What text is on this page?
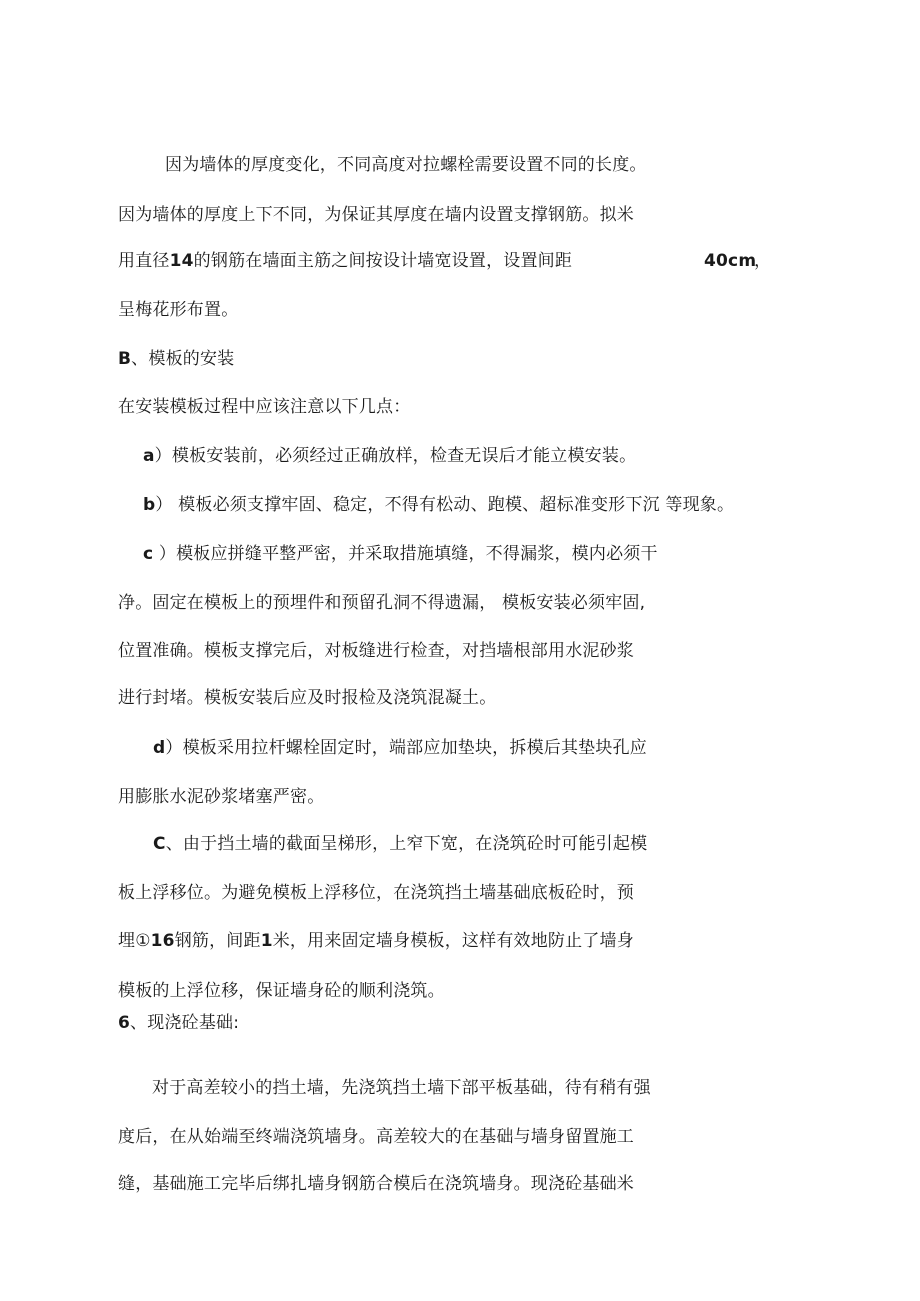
因为墙体的厚度变化，不同高度对拉螺栓需要设置不同的长度。
因为墙体的厚度上下不同，为保证其厚度在墙内设置支撑钢筋。拟米
用直径14的钢筋在墙面主筋之间按设计墙宽设置，设置间距	40cm
，
呈梅花形布置。
B、模板的安装
在安装模板过程中应该注意以下几点：
a）模板安装前，必须经过正确放样，检查无误后才能立模安装。
b） 模板必须支撑牢固、稳定，不得有松动、跑模、超标准变形下沉 等现象。
c ）模板应拼缝平整严密，并采取措施填缝，不得漏浆，模内必须干
净。固定在模板上的预埋件和预留孔洞不得遗漏， 模板安装必须牢固,
位置准确。模板支撑完后，对板缝进行检查，对挡墙根部用水泥砂浆
进行封堵。模板安装后应及时报检及浇筑混凝土。
d）模板采用拉杆螺栓固定时，端部应加垫块，拆模后其垫块孔应
用膨胀水泥砂浆堵塞严密。
C、由于挡土墙的截面呈梯形，上窄下宽，在浇筑砼时可能引起模
板上浮移位。为避免模板上浮移位，在浇筑挡土墙基础底板砼时，预
埋①16钢筋，间距1米，用来固定墙身模板，这样有效地防止了墙身
模板的上浮位移，保证墙身砼的顺利浇筑。
6、现浇砼基础:
对于高差较小的挡土墙，先浇筑挡土墙下部平板基础，待有稍有强
度后，在从始端至终端浇筑墙身。高差较大的在基础与墙身留置施工
缝，基础施工完毕后绑扎墙身钢筋合模后在浇筑墙身。现浇砼基础米
